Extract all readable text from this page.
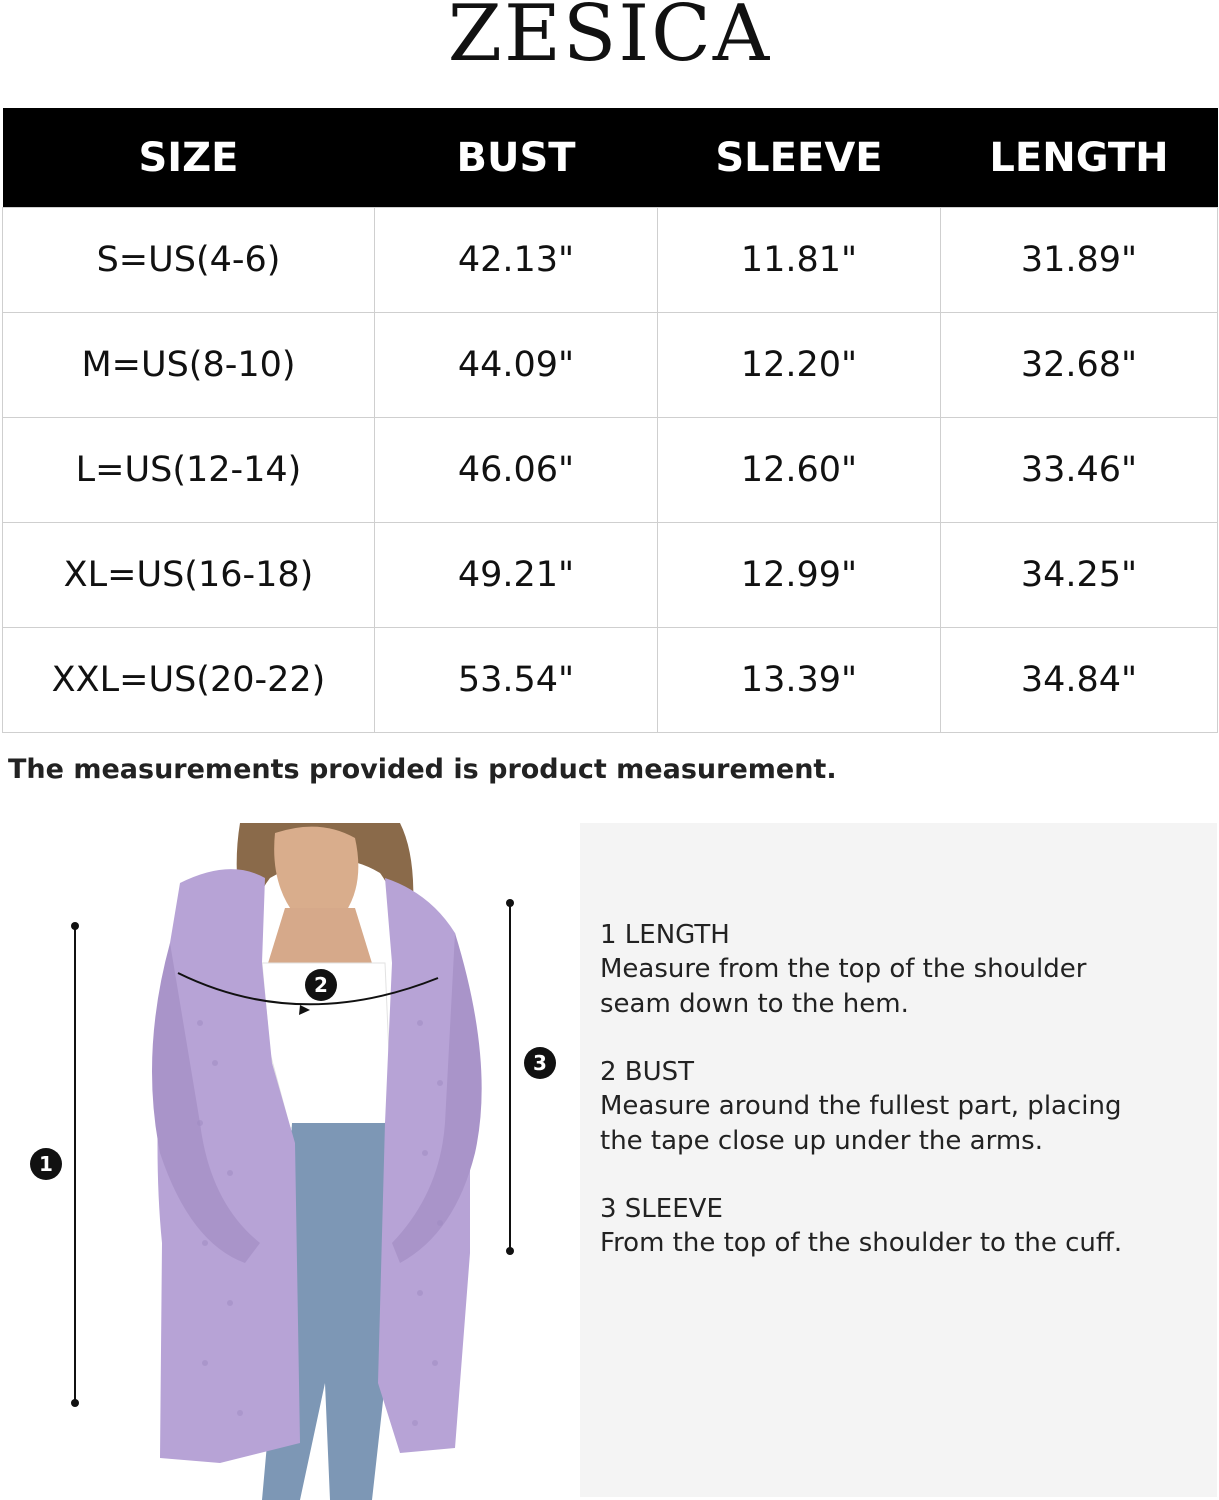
ZESICA
SIZE	BUST	SLEEVE	LENGTH
S=US(4-6)	42.13"	11.81"	31.89"
M=US(8-10)	44.09"	12.20"	32.68"
L=US(12-14)	46.06"	12.60"	33.46"
XL=US(16-18)	49.21"	12.99"	34.25"
XXL=US(20-22)	53.54"	13.39"	34.84"
The measurements provided is product measurement.
1
2
3
1 LENGTH
Measure from the top of the shoulder
seam down to the hem.
2 BUST
Measure around the fullest part, placing
the tape close up under the arms.
3 SLEEVE
From the top of the shoulder to the cuff.
